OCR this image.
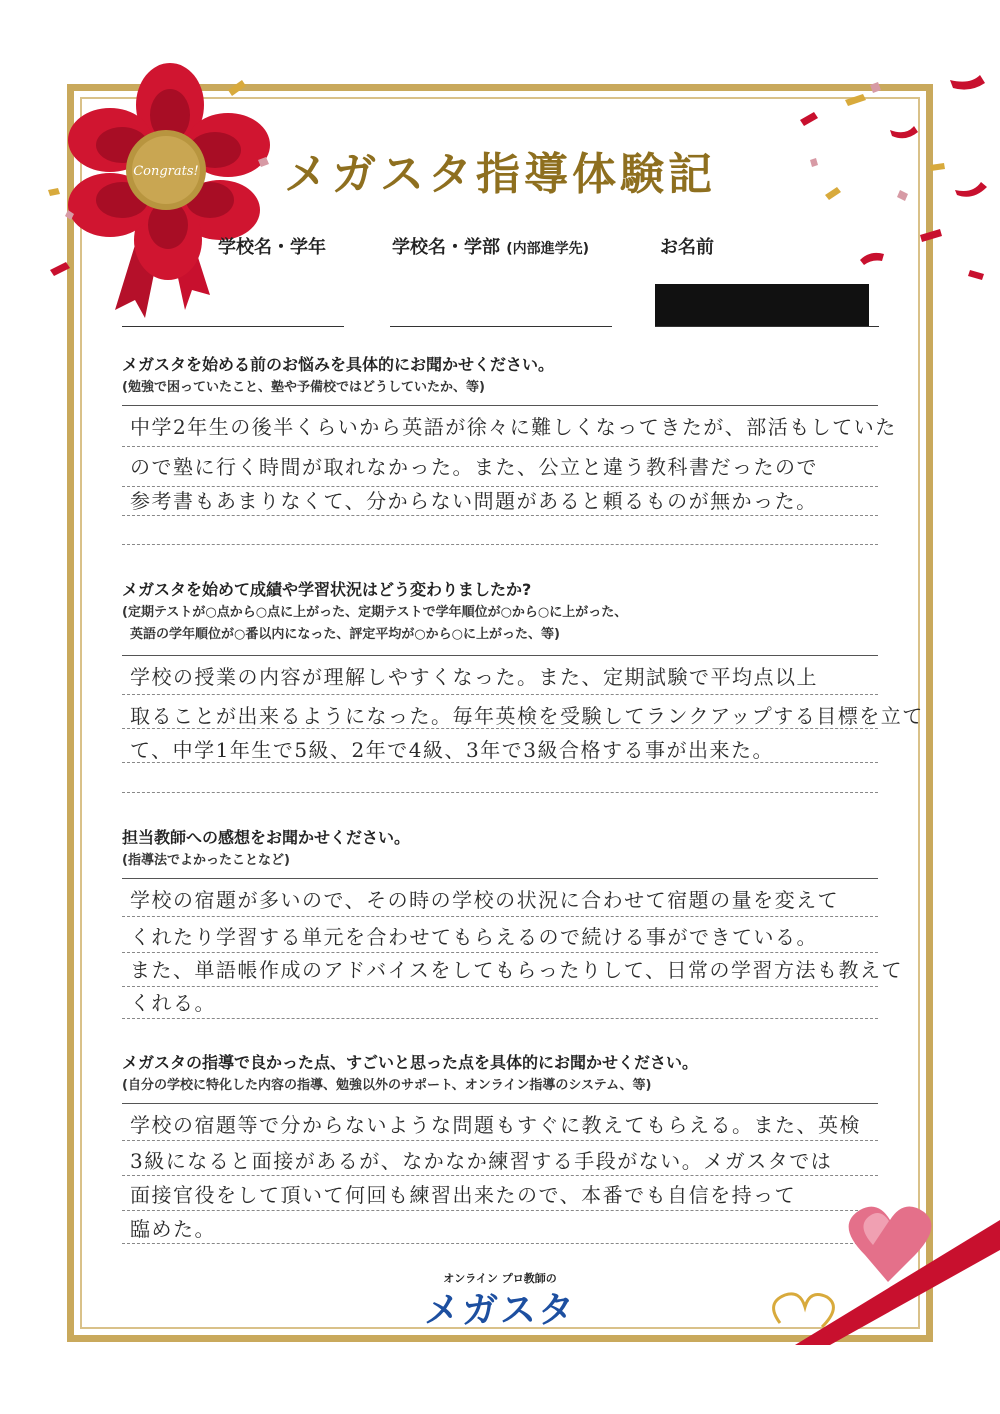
Congrats!	メガスタ指導体験記
学校名・学年	学校名・学部 (内部進学先)	お名前
メガスタを始める前のお悩みを具体的にお聞かせください。
(勉強で困っていたこと、塾や予備校ではどうしていたか、等)
中学2年生の後半くらいから英語が徐々に難しくなってきたが、部活もしていた
ので塾に行く時間が取れなかった。また、公立と違う教科書だったので
参考書もあまりなくて、分からない問題があると頼るものが無かった。
メガスタを始めて成績や学習状況はどう変わりましたか?
(定期テストが○点から○点に上がった、定期テストで学年順位が○から○に上がった、
英語の学年順位が○番以内になった、評定平均が○から○に上がった、等)
学校の授業の内容が理解しやすくなった。また、定期試験で平均点以上
取ることが出来るようになった。毎年英検を受験してランクアップする目標を立て
て、中学1年生で5級、2年で4級、3年で3級合格する事が出来た。
担当教師への感想をお聞かせください。
(指導法でよかったことなど)
学校の宿題が多いので、その時の学校の状況に合わせて宿題の量を変えて
くれたり学習する単元を合わせてもらえるので続ける事ができている。
また、単語帳作成のアドバイスをしてもらったりして、日常の学習方法も教えて
くれる。
メガスタの指導で良かった点、すごいと思った点を具体的にお聞かせください。
(自分の学校に特化した内容の指導、勉強以外のサポート、オンライン指導のシステム、等)
学校の宿題等で分からないような問題もすぐに教えてもらえる。また、英検
3級になると面接があるが、なかなか練習する手段がない。メガスタでは
面接官役をして頂いて何回も練習出来たので、本番でも自信を持って
臨めた。
オンライン プロ教師の
メガスタ
